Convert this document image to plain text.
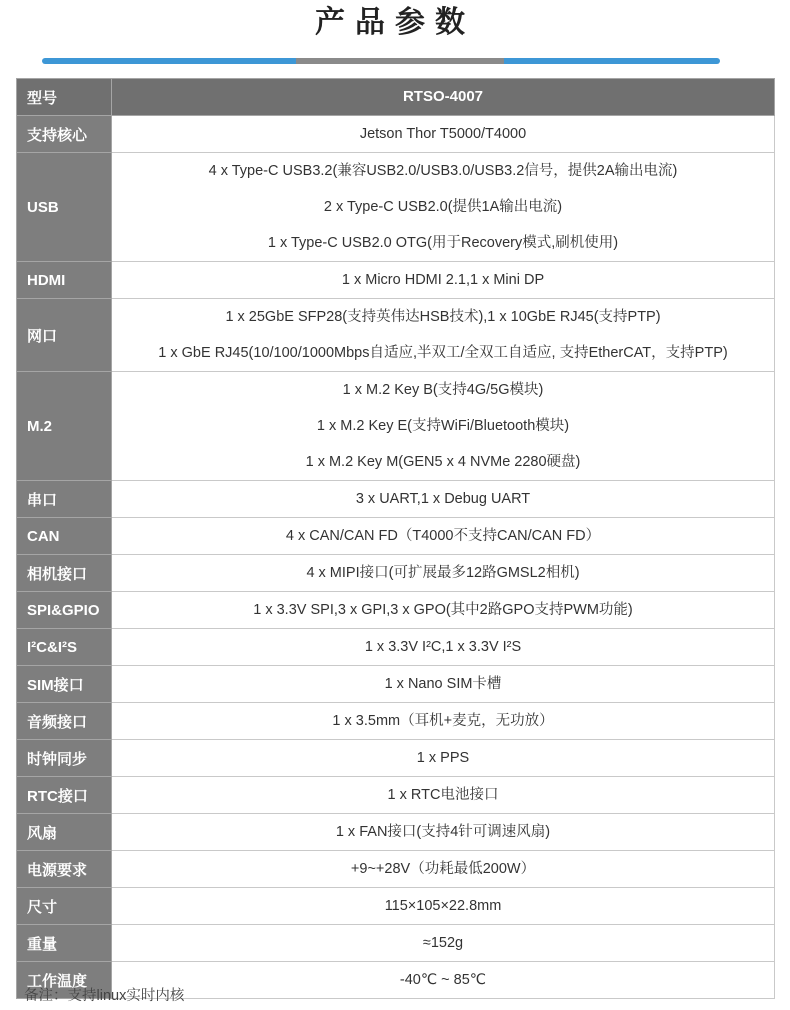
产品参数
型号	RTSO-4007

支持核心	Jetson Thor T5000/T4000

USB	4 x Type-C USB3.2(兼容USB2.0/USB3.0/USB3.2信号，提供2A输出电流)
2 x Type-C USB2.0(提供1A输出电流)
1 x Type-C USB2.0 OTG(用于Recovery模式,刷机使用)

HDMI	1 x Micro HDMI 2.1,1 x Mini DP

网口	1 x 25GbE SFP28(支持英伟达HSB技术),1 x 10GbE RJ45(支持PTP)
1 x GbE RJ45(10/100/1000Mbps自适应,半双工/全双工自适应, 支持EtherCAT，支持PTP)

M.2	1 x M.2 Key B(支持4G/5G模块)
1 x M.2 Key E(支持WiFi/Bluetooth模块)
1 x M.2 Key M(GEN5 x 4 NVMe 2280硬盘)

串口	3 x UART,1 x Debug UART

CAN	4 x CAN/CAN FD（T4000不支持CAN/CAN FD）

相机接口	4 x MIPI接口(可扩展最多12路GMSL2相机)

SPI&GPIO	1 x 3.3V SPI,3 x GPI,3 x GPO(其中2路GPO支持PWM功能)

I²C&I²S	1 x 3.3V I²C,1 x 3.3V I²S

SIM接口	1 x Nano SIM卡槽

音频接口	1 x 3.5mm（耳机+麦克，无功放）

时钟同步	1 x PPS

RTC接口	1 x RTC电池接口

风扇	1 x FAN接口(支持4针可调速风扇)

电源要求	+9~+28V（功耗最低200W）

尺寸	115×105×22.8mm

重量	≈152g

工作温度	-40℃ ~ 85℃
备注：支持linux实时内核
